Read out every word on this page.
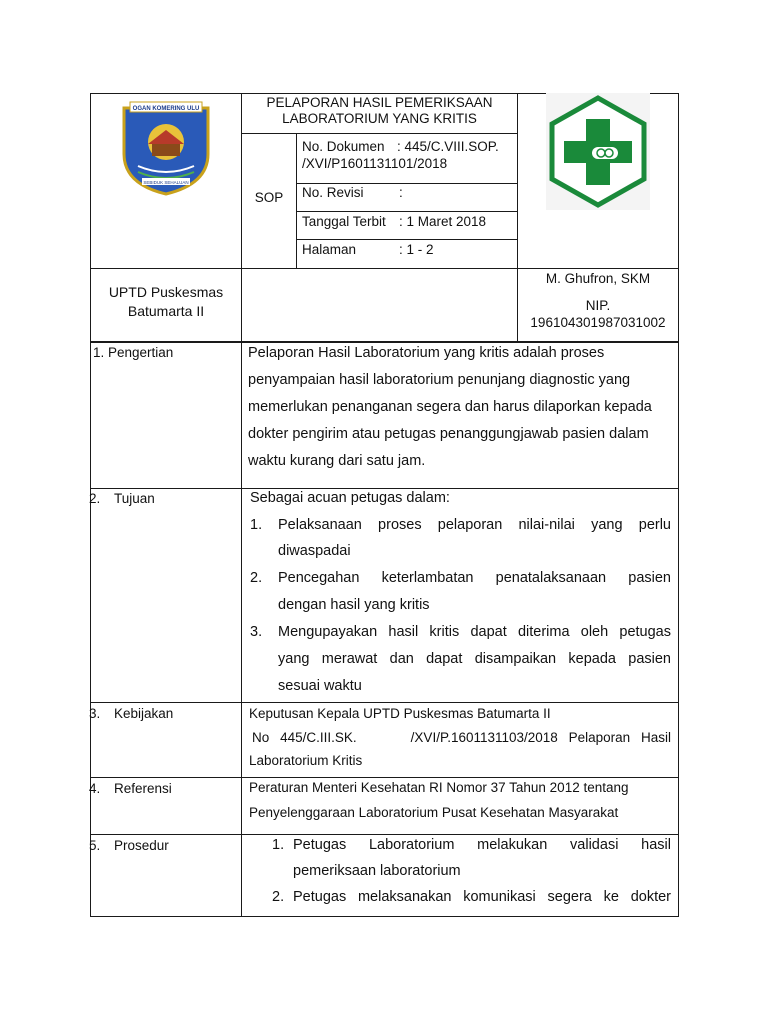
OGAN KOMERING ULU
SEBIDUK SEHALUAN
PELAPORAN HASIL PEMERIKSAAN
LABORATORIUM YANG KRITIS
SOP
No. Dokumen : 445/C.VIII.SOP.
/XVI/P1601131101/2018
No. Revisi	:
Tanggal Terbit : 1 Maret 2018
Halaman	: 1 - 2
UPTD Puskesmas
Batumarta II
M. Ghufron, SKM
NIP.
196104301987031002
1. Pengertian	Pelaporan Hasil Laboratorium yang kritis adalah proses
penyampaian hasil laboratorium penunjang diagnostic yang
memerlukan penanganan segera dan harus dilaporkan kepada
dokter pengirim atau petugas penanggungjawab pasien dalam
waktu kurang dari satu jam.
2. Tujuan	Sebagai acuan petugas dalam:
1. Pelaksanaan proses pelaporan nilai-nilai yang perlu
diwaspadai
2. Pencegahan keterlambatan penatalaksanaan pasien
dengan hasil yang kritis
3. Mengupayakan hasil kritis dapat diterima oleh petugas
yang merawat dan dapat disampaikan kepada pasien
sesuai waktu
3. Kebijakan	Keputusan Kepala UPTD Puskesmas Batumarta II
No  445/C.III.SK.          /XVI/P.1601131103/2018  Pelaporan  Hasil
Laboratorium Kritis
4. Referensi	Peraturan Menteri Kesehatan RI Nomor 37 Tahun 2012 tentang
Penyelenggaraan Laboratorium Pusat Kesehatan Masyarakat
5. Prosedur	1. Petugas Laboratorium melakukan validasi hasil
pemeriksaan laboratorium
2. Petugas melaksanakan komunikasi segera ke dokter
